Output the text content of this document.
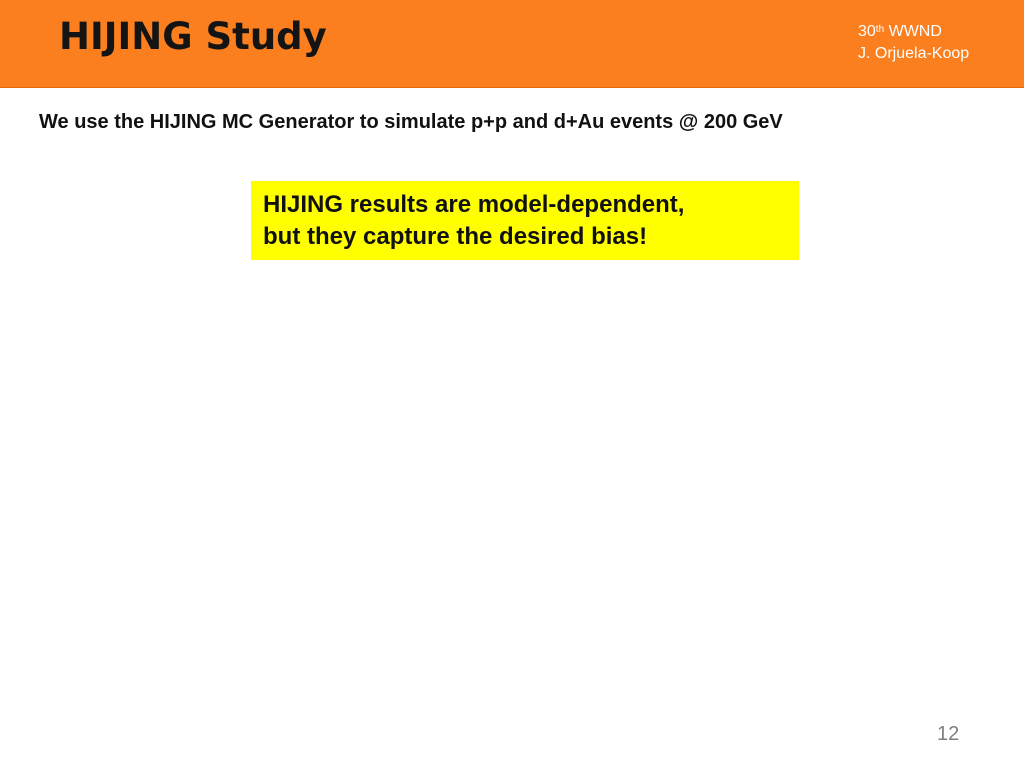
HIJING Study	30th WWND
J. Orjuela-Koop

We use the HIJING MC Generator to simulate p+p and d+Au events @ 200 GeV

HIJING results are model-dependent,
but they capture the desired bias!
12
